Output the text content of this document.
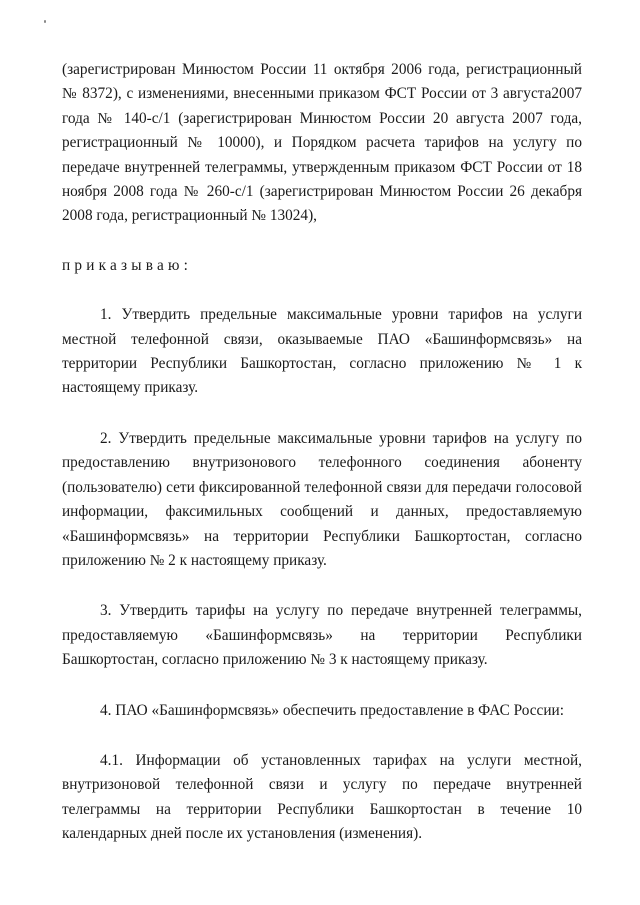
(зарегистрирован Минюстом России 11 октября 2006 года, регистрационный № 8372), с изменениями, внесенными приказом ФСТ России от 3 августа2007 года № 140-с/1 (зарегистрирован Минюстом России 20 августа 2007 года, регистрационный № 10000), и Порядком расчета тарифов на услугу по передаче внутренней телеграммы, утвержденным приказом ФСТ России от 18 ноября 2008 года № 260-с/1 (зарегистрирован Минюстом России 26 декабря 2008 года, регистрационный № 13024),

приказываю:

1. Утвердить предельные максимальные уровни тарифов на услуги местной телефонной связи, оказываемые ПАО «Башинформсвязь» на территории Республики Башкортостан, согласно приложению № 1 к настоящему приказу.

2. Утвердить предельные максимальные уровни тарифов на услугу по предоставлению внутризонового телефонного соединения абоненту (пользователю) сети фиксированной телефонной связи для передачи голосовой информации, факсимильных сообщений и данных, предоставляемую «Башинформсвязь» на территории Республики Башкортостан, согласно приложению № 2 к настоящему приказу.

3. Утвердить тарифы на услугу по передаче внутренней телеграммы, предоставляемую «Башинформсвязь» на территории Республики Башкортостан, согласно приложению № 3 к настоящему приказу.

4. ПАО «Башинформсвязь» обеспечить предоставление в ФАС России:

4.1. Информации об установленных тарифах на услуги местной, внутризоновой телефонной связи и услугу по передаче внутренней телеграммы на территории Республики Башкортостан в течение 10 календарных дней после их установления (изменения).
